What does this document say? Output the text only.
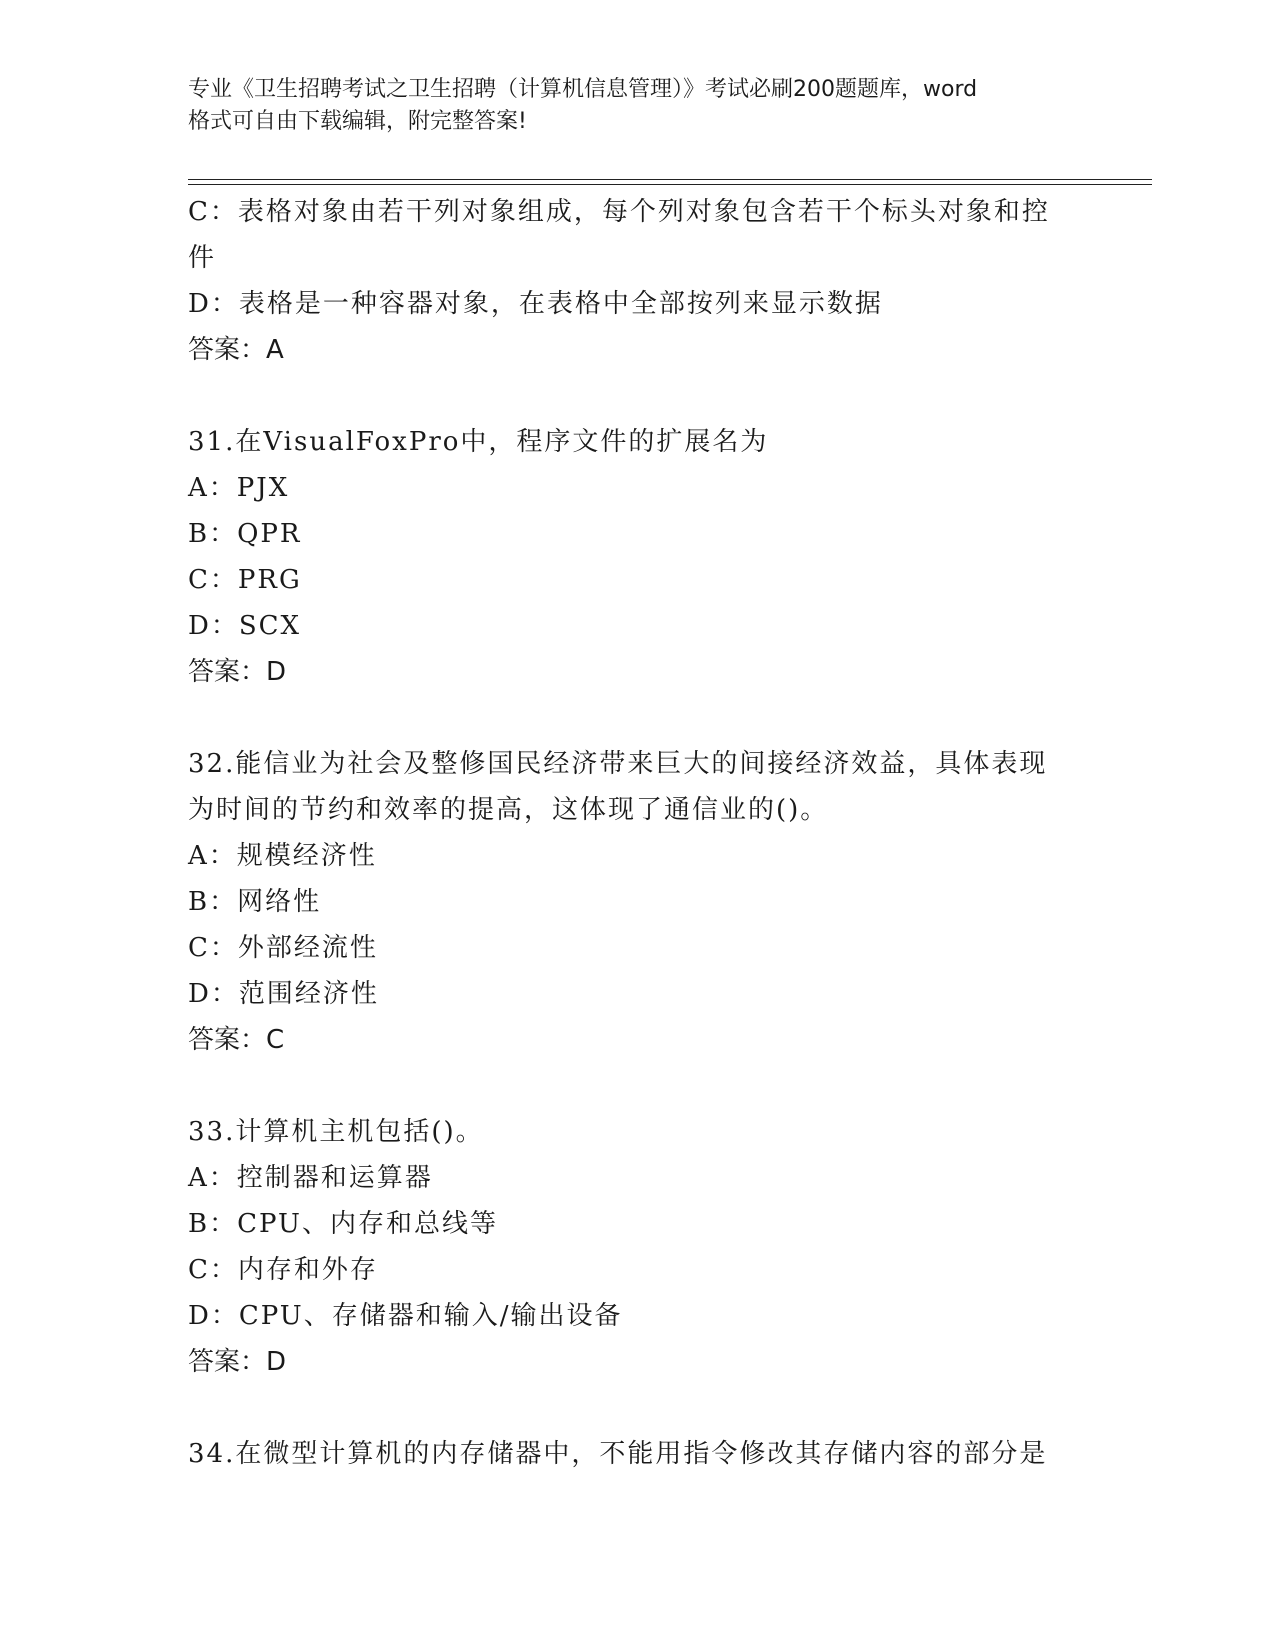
专业《卫生招聘考试之卫生招聘（计算机信息管理）》考试必刷200题题库，word
格式可自由下载编辑，附完整答案!

C：表格对象由若干列对象组成，每个列对象包含若干个标头对象和控

件

D：表格是一种容器对象，在表格中全部按列来显示数据

答案：A

31.在VisualFoxPro中，程序文件的扩展名为

A：PJX

B：QPR

C：PRG

D：SCX

答案：D

32.能信业为社会及整修国民经济带来巨大的间接经济效益，具体表现

为时间的节约和效率的提高，这体现了通信业的()。

A：规模经济性

B：网络性

C：外部经流性

D：范围经济性

答案：C

33.计算机主机包括()。

A：控制器和运算器

B：CPU、内存和总线等

C：内存和外存

D：CPU、存储器和输入/输出设备

答案：D

34.在微型计算机的内存储器中，不能用指令修改其存储内容的部分是
